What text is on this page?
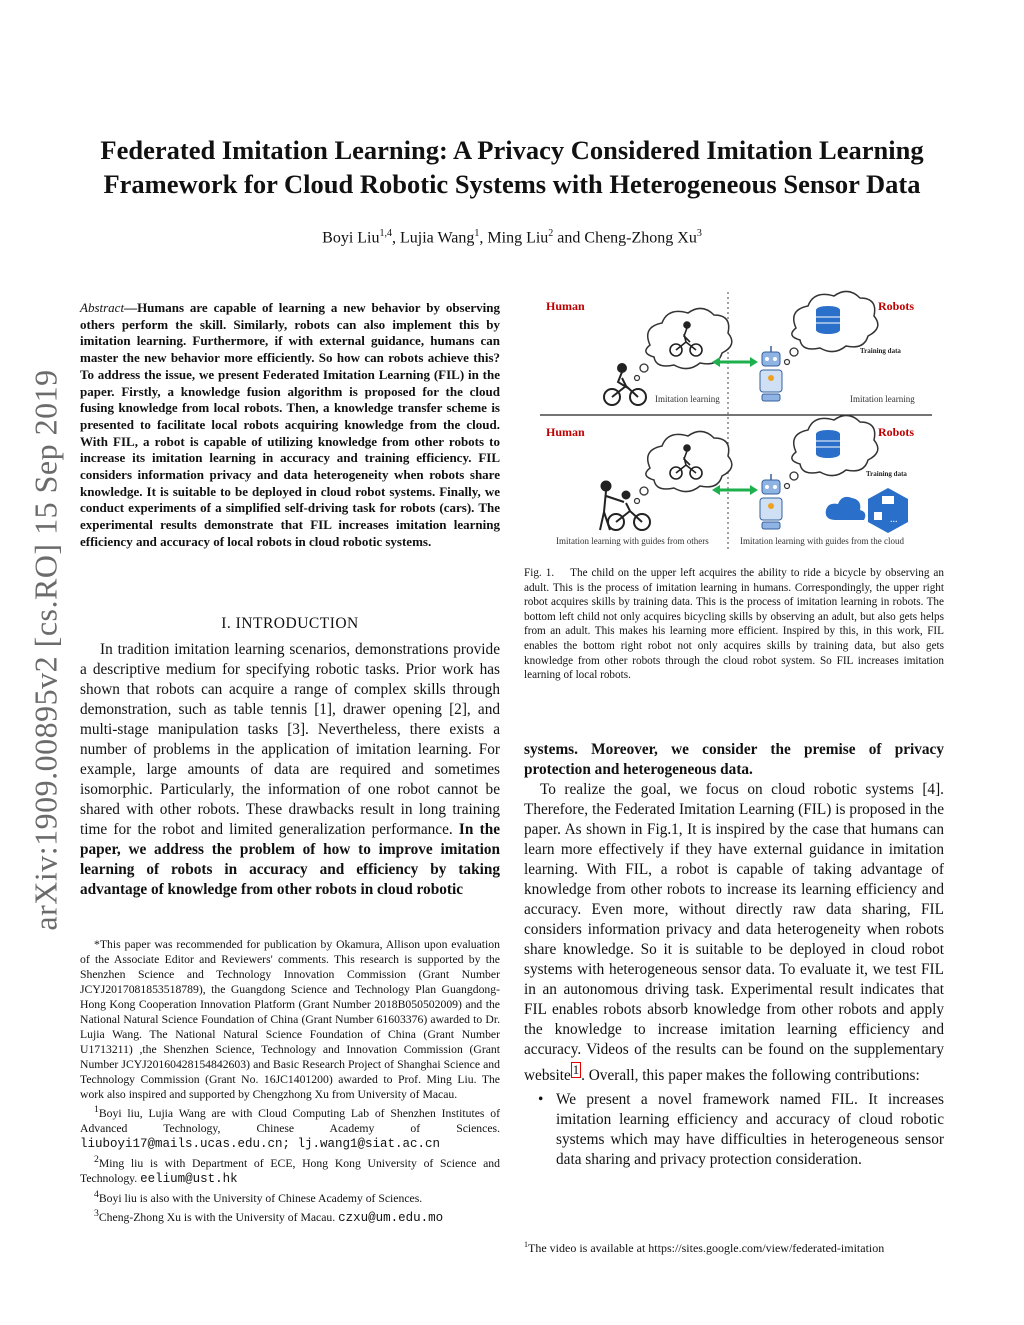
Federated Imitation Learning: A Privacy Considered Imitation Learning
Framework for Cloud Robotic Systems with Heterogeneous Sensor Data
Boyi Liu$^{1,4}$, Lujia Wang$^1$, Ming Liu$^2$ and Cheng-Zhong Xu$^3$
arXiv:1909.00895v2 [cs.RO] 15 Sep 2019
Abstract—Humans are capable of learning a new behavior by observing others perform the skill. Similarly, robots can also implement this by imitation learning. Furthermore, if with external guidance, humans can master the new behavior more efficiently. So how can robots achieve this? To address the issue, we present Federated Imitation Learning (FIL) in the paper. Firstly, a knowledge fusion algorithm is proposed for the cloud fusing knowledge from local robots. Then, a knowledge transfer scheme is presented to facilitate local robots acquiring knowledge from the cloud. With FIL, a robot is capable of utilizing knowledge from other robots to increase its imitation learning in accuracy and training efficiency. FIL considers information privacy and data heterogeneity when robots share knowledge. It is suitable to be deployed in cloud robot systems. Finally, we conduct experiments of a simplified self-driving task for robots (cars). The experimental results demonstrate that FIL increases imitation learning efficiency and accuracy of local robots in cloud robotic systems.
I. INTRODUCTION

In tradition imitation learning scenarios, demonstrations provide a descriptive medium for specifying robotic tasks. Prior work has shown that robots can acquire a range of complex skills through demonstration, such as table tennis [1], drawer opening [2], and multi-stage manipulation tasks [3]. Nevertheless, there exists a number of problems in the application of imitation learning. For example, large amounts of data are required and sometimes isomorphic. Particularly, the information of one robot cannot be shared with other robots. These drawbacks result in long training time for the robot and limited generalization performance. In the paper, we address the problem of how to improve imitation learning of robots in accuracy and efficiency by taking advantage of knowledge from other robots in cloud robotic

*This paper was recommended for publication by Okamura, Allison upon evaluation of the Associate Editor and Reviewers' comments. This research is supported by the Shenzhen Science and Technology Innovation Commission (Grant Number JCYJ2017081853518789), the Guangdong Science and Technology Plan Guangdong-Hong Kong Cooperation Innovation Platform (Grant Number 2018B050502009) and the National Natural Science Foundation of China (Grant Number 61603376) awarded to Dr. Lujia Wang. The National Natural Science Foundation of China (Grant Number U1713211) ,the Shenzhen Science, Technology and Innovation Commission (Grant Number JCYJ20160428154842603) and Basic Research Project of Shanghai Science and Technology Commission (Grant No. 16JC1401200) awarded to Prof. Ming Liu. The work also inspired and supported by Chengzhong Xu from University of Macau.

$^1$Boyi liu, Lujia Wang are with Cloud Computing Lab of Shenzhen Institutes of Advanced Technology, Chinese Academy of Sciences. liuboyi17@mails.ucas.edu.cn; lj.wang1@siat.ac.cn

$^2$Ming liu is with Department of ECE, Hong Kong University of Science and Technology. eelium@ust.hk

$^4$Boyi liu is also with the University of Chinese Academy of Sciences.

$^3$Cheng-Zhong Xu is with the University of Macau. czxu@um.edu.mo

Human	Robots
Training data
Imitation learning	Imitation learning
Human	Robots
Training data
...
Imitation learning with guides from others	Imitation learning with guides from the cloud
Fig. 1. The child on the upper left acquires the ability to ride a bicycle by observing an adult. This is the process of imitation learning in humans. Correspondingly, the upper right robot acquires skills by training data. This is the process of imitation learning in robots. The bottom left child not only acquires bicycling skills by observing an adult, but also gets helps from an adult. This makes his learning more efficient. Inspired by this, in this work, FIL enables the bottom right robot not only acquires skills by training data, but also gets knowledge from other robots through the cloud robot system. So FIL increases imitation learning of local robots.

systems. Moreover, we consider the premise of privacy protection and heterogeneous data.

To realize the goal, we focus on cloud robotic systems [4]. Therefore, the Federated Imitation Learning (FIL) is proposed in the paper. As shown in Fig.1, It is inspired by the case that humans can learn more effectively if they have external guidance in imitation learning. With FIL, a robot is capable of taking advantage of knowledge from other robots to increase its learning efficiency and accuracy. Even more, without directly raw data sharing, FIL considers information privacy and data heterogeneity when robots share knowledge. So it is suitable to be deployed in cloud robot systems with heterogeneous sensor data. To evaluate it, we test FIL in an autonomous driving task. Experimental result indicates that FIL enables robots absorb knowledge from other robots and apply the knowledge to increase imitation learning efficiency and accuracy. Videos of the results can be found on the supplementary website $^1$ . Overall, this paper makes the following contributions:

• We present a novel framework named FIL. It increases imitation learning efficiency and accuracy of cloud robotic systems which may have difficulties in heterogeneous sensor data sharing and privacy protection consideration.
$^1$The video is available at https://sites.google.com/view/federated-imitation
